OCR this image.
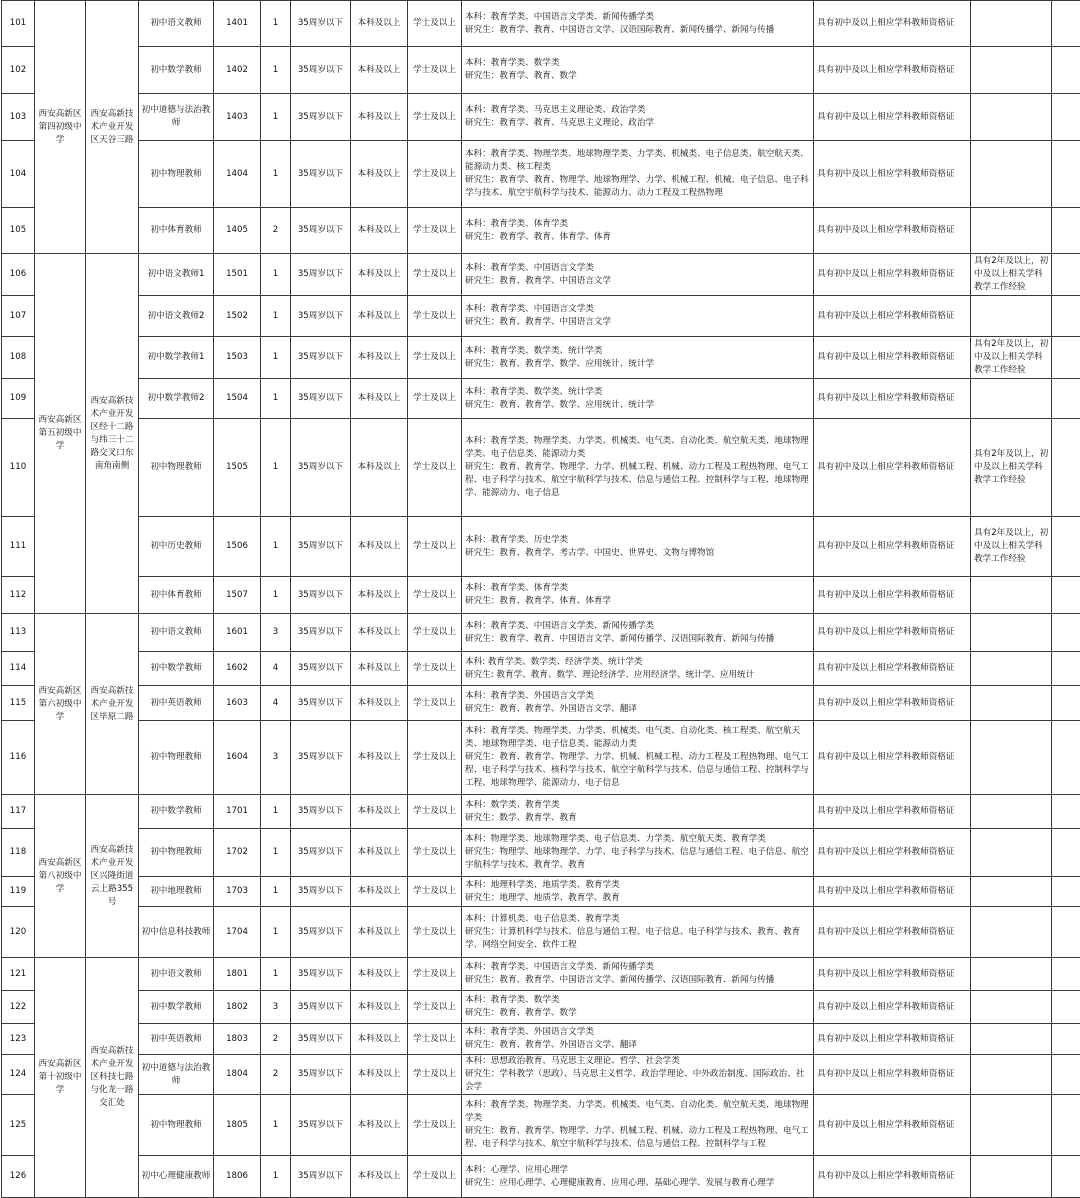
101	西安高新区第四初级中学	西安高新技术产业开发区天谷三路	初中语文教师	1401	1	35周岁以下	本科及以上	学士及以上	本科：教育学类、中国语言文学类、新闻传播学类
研究生：教育学、教育、中国语言文学、汉语国际教育、新闻传播学、新闻与传播	具有初中及以上相应学科教师资格证			
102			初中数学教师	1402	1	35周岁以下	本科及以上	学士及以上	本科：教育学类、数学类
研究生：教育学、教育、数学	具有初中及以上相应学科教师资格证			
103			初中道德与法治教师	1403	1	35周岁以下	本科及以上	学士及以上	本科：教育学类、马克思主义理论类、政治学类
研究生：教育学、教育、马克思主义理论、政治学	具有初中及以上相应学科教师资格证			
104			初中物理教师	1404	1	35周岁以下	本科及以上	学士及以上	本科：教育学类、物理学类、地球物理学类、力学类、机械类、电子信息类、航空航天类、能源动力类、核工程类
研究生：教育学、教育、物理学、地球物理学、力学、机械工程、机械、电子信息、电子科学与技术、航空宇航科学与技术、能源动力、动力工程及工程热物理	具有初中及以上相应学科教师资格证			
105			初中体育教师	1405	2	35周岁以下	本科及以上	学士及以上	本科：教育学类、体育学类
研究生：教育学、教育、体育学、体育	具有初中及以上相应学科教师资格证			
106	西安高新区第五初级中学	西安高新技术产业开发区经十二路与纬三十二路交叉口东南角南侧	初中语文教师1	1501	1	35周岁以下	本科及以上	学士及以上	本科：教育学类、中国语言文学类
研究生：教育、教育学、中国语言文学	具有初中及以上相应学科教师资格证	具有2年及以上，初中及以上相关学科教学工作经验		
107			初中语文教师2	1502	1	35周岁以下	本科及以上	学士及以上	本科：教育学类、中国语言文学类
研究生：教育、教育学、中国语言文学	具有初中及以上相应学科教师资格证			
108			初中数学教师1	1503	1	35周岁以下	本科及以上	学士及以上	本科：教育学类、数学类、统计学类
研究生：教育、教育学、数学、应用统计、统计学	具有初中及以上相应学科教师资格证	具有2年及以上，初中及以上相关学科教学工作经验		
109			初中数学教师2	1504	1	35周岁以下	本科及以上	学士及以上	本科：教育学类、数学类、统计学类
研究生：教育、教育学、数学、应用统计、统计学	具有初中及以上相应学科教师资格证			
110			初中物理教师	1505	1	35周岁以下	本科及以上	学士及以上	本科：教育学类、物理学类、力学类、机械类、电气类、自动化类、航空航天类、地球物理学类、电子信息类、能源动力类
研究生：教育、教育学、物理学、力学、机械工程、机械、动力工程及工程热物理、电气工程、电子科学与技术、航空宇航科学与技术、信息与通信工程、控制科学与工程、地球物理学、能源动力、电子信息	具有初中及以上相应学科教师资格证	具有2年及以上，初中及以上相关学科教学工作经验		
111			初中历史教师	1506	1	35周岁以下	本科及以上	学士及以上	本科：教育学类、历史学类
研究生：教育、教育学、考古学、中国史、世界史、文物与博物馆	具有初中及以上相应学科教师资格证	具有2年及以上，初中及以上相关学科教学工作经验		
112			初中体育教师	1507	1	35周岁以下	本科及以上	学士及以上	本科：教育学类、体育学类
研究生：教育、教育学、体育、体育学	具有初中及以上相应学科教师资格证			
113	西安高新区第六初级中学	西安高新技术产业开发区毕原二路	初中语文教师	1601	3	35周岁以下	本科及以上	学士及以上	本科：教育学类、中国语言文学类、新闻传播学类
研究生：教育学、教育、中国语言文学、新闻传播学、汉语国际教育、新闻与传播	具有初中及以上相应学科教师资格证			
114			初中数学教师	1602	4	35周岁以下	本科及以上	学士及以上	本科: 教育学类、数学类、经济学类、统计学类
研究生: 教育学、教育、数学、理论经济学、应用经济学、统计学、应用统计	具有初中及以上相应学科教师资格证			
115			初中英语教师	1603	4	35周岁以下	本科及以上	学士及以上	本科：教育学类、外国语言文学类
研究生：教育、教育学、外国语言文学、翻译	具有初中及以上相应学科教师资格证			
116			初中物理教师	1604	3	35周岁以下	本科及以上	学士及以上	本科：教育学类、物理学类、力学类、机械类、电气类、自动化类、核工程类、航空航天类、地球物理学类、电子信息类、能源动力类
研究生：教育、教育学、物理学、力学、机械、机械工程、动力工程及工程热物理、电气工程、电子科学与技术、核科学与技术、航空宇航科学与技术、信息与通信工程、控制科学与工程、地球物理学、能源动力、电子信息	具有初中及以上相应学科教师资格证			
117	西安高新区第八初级中学	西安高新技术产业开发区兴隆街道云上路355号	初中数学教师	1701	1	35周岁以下	本科及以上	学士及以上	本科：数学类、教育学类
研究生：数学、教育学、教育	具有初中及以上相应学科教师资格证			
118			初中物理教师	1702	1	35周岁以下	本科及以上	学士及以上	本科：物理学类、地球物理学类、电子信息类、力学类、航空航天类、教育学类
研究生：物理学、地球物理学、力学、电子科学与技术、信息与通信工程、电子信息、航空宇航科学与技术、教育学、教育	具有初中及以上相应学科教师资格证			
119			初中地理教师	1703	1	35周岁以下	本科及以上	学士及以上	本科：地理科学类、地质学类、教育学类
研究生：地理学、地质学、教育学、教育	具有初中及以上相应学科教师资格证			
120			初中信息科技教师	1704	1	35周岁以下	本科及以上	学士及以上	本科：计算机类、电子信息类、教育学类
研究生：计算机科学与技术、信息与通信工程、电子信息、电子科学与技术、教育、教育学、网络空间安全、软件工程	具有初中及以上相应学科教师资格证			
121	西安高新区第十初级中学	西安高新技术产业开发区科技七路与化龙一路交汇处	初中语文教师	1801	1	35周岁以下	本科及以上	学士及以上	本科：教育学类、中国语言文学类、新闻传播学类
研究生：教育、教育学、中国语言文学、新闻传播学、汉语国际教育、新闻与传播	具有初中及以上相应学科教师资格证			
122			初中数学教师	1802	3	35周岁以下	本科及以上	学士及以上	本科：教育学类、数学类
研究生：教育、教育学、数学	具有初中及以上相应学科教师资格证			
123			初中英语教师	1803	2	35周岁以下	本科及以上	学士及以上	本科：教育学类、外国语言文学类
研究生：教育、教育学、外国语言文学、翻译	具有初中及以上相应学科教师资格证			
124			初中道德与法治教师	1804	2	35周岁以下	本科及以上	学士及以上	本科：思想政治教育、马克思主义理论、哲学、社会学类
研究生：学科教学（思政）、马克思主义哲学、政治学理论、中外政治制度、国际政治、社会学	具有初中及以上相应学科教师资格证			
125			初中物理教师	1805	1	35周岁以下	本科及以上	学士及以上	本科：教育学类、物理学类、力学类、机械类、电气类、自动化类、航空航天类、地球物理学类
研究生：教育、教育学、物理学、力学、机械工程、机械、动力工程及工程热物理、电气工程、电子科学与技术、航空宇航科学与技术、信息与通信工程、控制科学与工程	具有初中及以上相应学科教师资格证			
126			初中心理健康教师	1806	1	35周岁以下	本科及以上	学士及以上	本科：心理学、应用心理学
研究生：应用心理学、心理健康教育、应用心理、基础心理学、发展与教育心理学	具有初中及以上相应学科教师资格证			
